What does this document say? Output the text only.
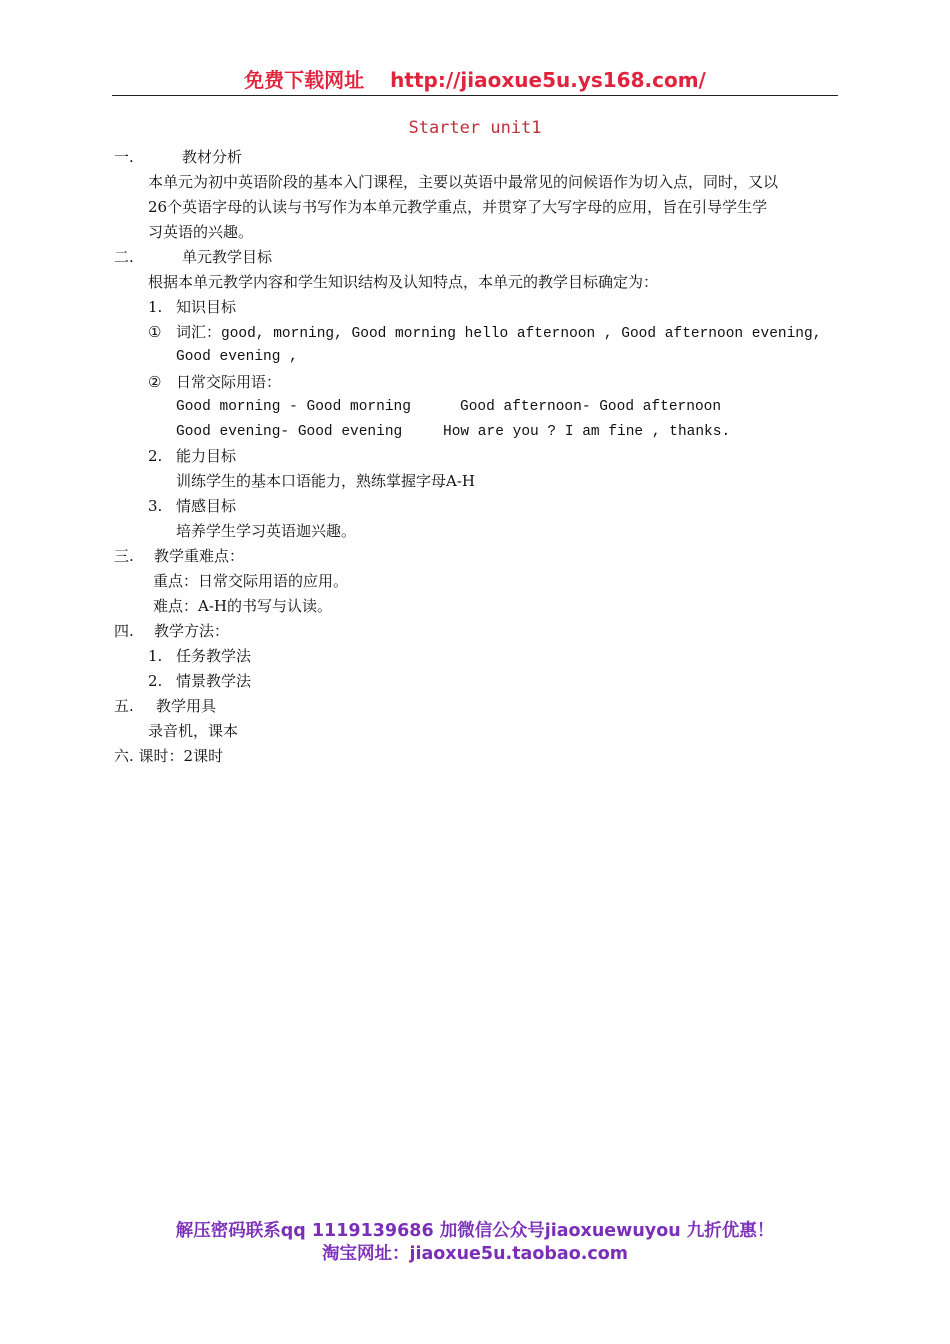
免费下载网址 http://jiaoxue5u.ys168.com/
Starter unit1
一.	教材分析
本单元为初中英语阶段的基本入门课程，主要以英语中最常见的问候语作为切入点，同时，又以
26个英语字母的认读与书写作为本单元教学重点，并贯穿了大写字母的应用，旨在引导学生学
习英语的兴趣。
二.	单元教学目标
根据本单元教学内容和学生知识结构及认知特点，本单元的教学目标确定为：
1. 知识目标
① 词汇：good, morning, Good morning hello afternoon , Good afternoon evening,
Good evening ,
② 日常交际用语：
Good morning - Good morning	Good afternoon- Good afternoon
Good evening- Good evening	How are you ? I am fine , thanks.
2. 能力目标
训练学生的基本口语能力，熟练掌握字母A-H
3. 情感目标
培养学生学习英语迦兴趣。
三. 教学重难点：
重点：日常交际用语的应用。
难点：A-H的书写与认读。
四. 教学方法：
1. 任务教学法
2. 情景教学法
五. 教学用具
录音机，课本
六. 课时：2课时
解压密码联系qq 1119139686 加微信公众号jiaoxuewuyou 九折优惠！
淘宝网址：jiaoxue5u.taobao.com
